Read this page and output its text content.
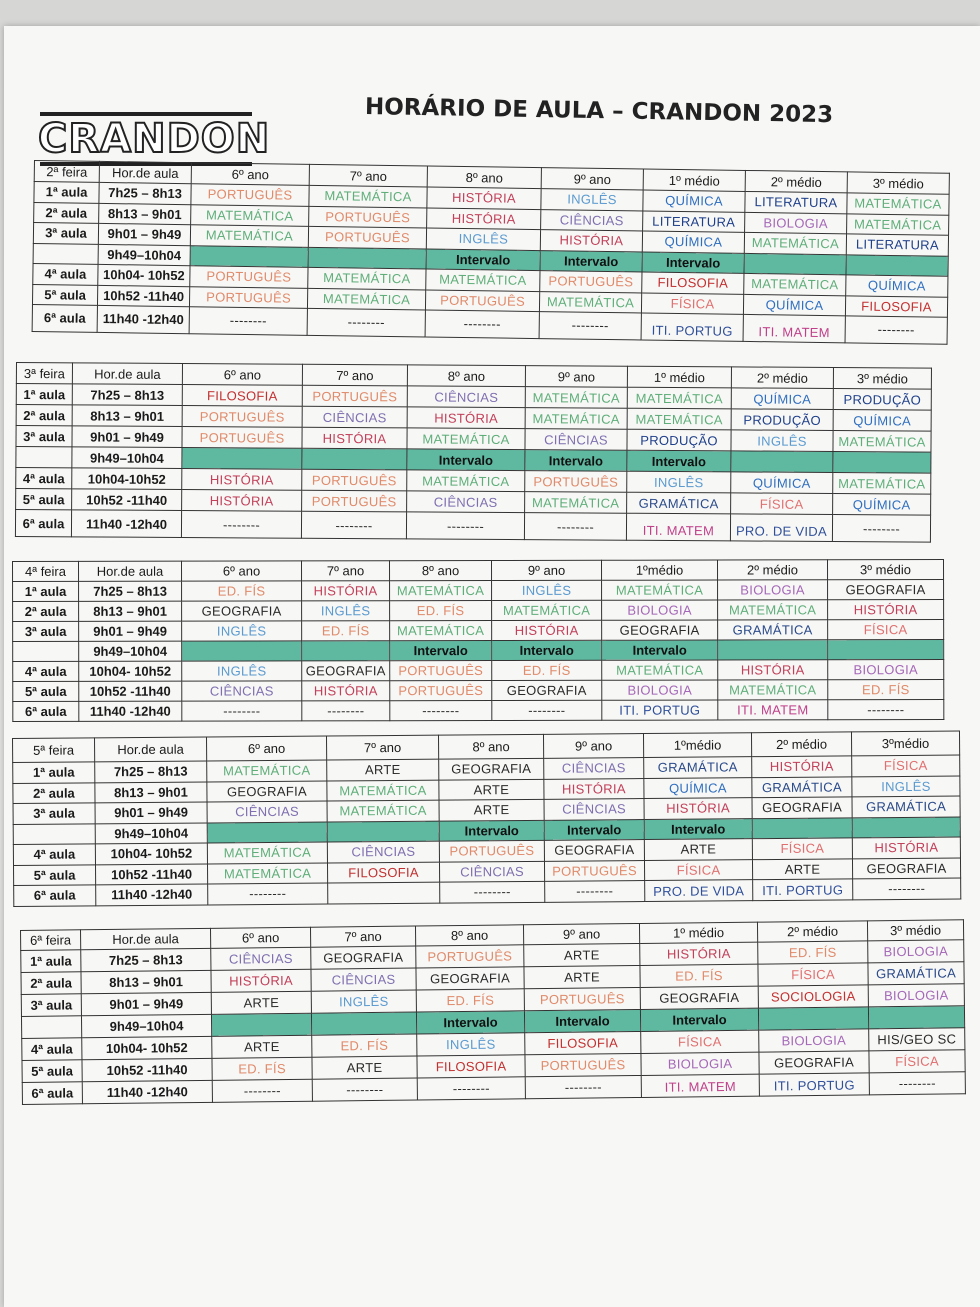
CRANDON
HORÁRIO DE AULA – CRANDON 2023
2ª feira	Hor.de aula	6º ano	7º ano	8º ano	9º ano	1º médio	2º médio	3º médio
1ª aula	7h25 – 8h13	PORTUGUÊS	MATEMÁTICA	HISTÓRIA	INGLÊS	QUÍMICA	LITERATURA	MATEMÁTICA
2ª aula	8h13 – 9h01	MATEMÁTICA	PORTUGUÊS	HISTÓRIA	CIÊNCIAS	LITERATURA	BIOLOGIA	MATEMÁTICA
3ª aula	9h01 – 9h49	MATEMÁTICA	PORTUGUÊS	INGLÊS	HISTÓRIA	QUÍMICA	MATEMÁTICA	LITERATURA
	9h49–10h04			Intervalo	Intervalo	Intervalo		
4ª aula	10h04- 10h52	PORTUGUÊS	MATEMÁTICA	MATEMÁTICA	PORTUGUÊS	FILOSOFIA	MATEMÁTICA	QUÍMICA
5ª aula	10h52 -11h40	PORTUGUÊS	MATEMÁTICA	PORTUGUÊS	MATEMÁTICA	FÍSICA	QUÍMICA	FILOSOFIA
6ª aula	11h40 -12h40	--------	--------	--------	--------	ITI. PORTUG	ITI. MATEM	--------
3ª feira	Hor.de aula	6º ano	7º ano	8º ano	9º ano	1º médio	2º médio	3º médio
1ª aula	7h25 – 8h13	FILOSOFIA	PORTUGUÊS	CIÊNCIAS	MATEMÁTICA	MATEMÁTICA	QUÍMICA	PRODUÇÃO
2ª aula	8h13 – 9h01	PORTUGUÊS	CIÊNCIAS	HISTÓRIA	MATEMÁTICA	MATEMÁTICA	PRODUÇÃO	QUÍMICA
3ª aula	9h01 – 9h49	PORTUGUÊS	HISTÓRIA	MATEMÁTICA	CIÊNCIAS	PRODUÇÃO	INGLÊS	MATEMÁTICA
	9h49–10h04			Intervalo	Intervalo	Intervalo		
4ª aula	10h04-10h52	HISTÓRIA	PORTUGUÊS	MATEMÁTICA	PORTUGUÊS	INGLÊS	QUÍMICA	MATEMÁTICA
5ª aula	10h52 -11h40	HISTÓRIA	PORTUGUÊS	CIÊNCIAS	MATEMÁTICA	GRAMÁTICA	FÍSICA	QUÍMICA
6ª aula	11h40 -12h40	--------	--------	--------	--------	ITI. MATEM	PRO. DE VIDA	--------
4ª feira	Hor.de aula	6º ano	7º ano	8º ano	9º ano	1ºmédio	2º médio	3º médio
1ª aula	7h25 – 8h13	ED. FÍS	HISTÓRIA	MATEMÁTICA	INGLÊS	MATEMÁTICA	BIOLOGIA	GEOGRAFIA
2ª aula	8h13 – 9h01	GEOGRAFIA	INGLÊS	ED. FÍS	MATEMÁTICA	BIOLOGIA	MATEMÁTICA	HISTÓRIA
3ª aula	9h01 – 9h49	INGLÊS	ED. FÍS	MATEMÁTICA	HISTÓRIA	GEOGRAFIA	GRAMÁTICA	FÍSICA
	9h49–10h04			Intervalo	Intervalo	Intervalo		
4ª aula	10h04- 10h52	INGLÊS	GEOGRAFIA	PORTUGUÊS	ED. FÍS	MATEMÁTICA	HISTÓRIA	BIOLOGIA
5ª aula	10h52 -11h40	CIÊNCIAS	HISTÓRIA	PORTUGUÊS	GEOGRAFIA	BIOLOGIA	MATEMÁTICA	ED. FÍS
6ª aula	11h40 -12h40	--------	--------	--------	--------	ITI. PORTUG	ITI. MATEM	--------
5ª feira	Hor.de aula	6º ano	7º ano	8º ano	9º ano	1ºmédio	2º médio	3ºmédio
1ª aula	7h25 – 8h13	MATEMÁTICA	ARTE	GEOGRAFIA	CIÊNCIAS	GRAMÁTICA	HISTÓRIA	FÍSICA
2ª aula	8h13 – 9h01	GEOGRAFIA	MATEMÁTICA	ARTE	HISTÓRIA	QUÍMICA	GRAMÁTICA	INGLÊS
3ª aula	9h01 – 9h49	CIÊNCIAS	MATEMÁTICA	ARTE	CIÊNCIAS	HISTÓRIA	GEOGRAFIA	GRAMÁTICA
	9h49–10h04			Intervalo	Intervalo	Intervalo		
4ª aula	10h04- 10h52	MATEMÁTICA	CIÊNCIAS	PORTUGUÊS	GEOGRAFIA	ARTE	FÍSICA	HISTÓRIA
5ª aula	10h52 -11h40	MATEMÁTICA	FILOSOFIA	CIÊNCIAS	PORTUGUÊS	FÍSICA	ARTE	GEOGRAFIA
6ª aula	11h40 -12h40	--------		--------	--------	PRO. DE VIDA	ITI. PORTUG	--------
6ª feira	Hor.de aula	6º ano	7º ano	8º ano	9º ano	1º médio	2º médio	3º médio
1ª aula	7h25 – 8h13	CIÊNCIAS	GEOGRAFIA	PORTUGUÊS	ARTE	HISTÓRIA	ED. FÍS	BIOLOGIA
2ª aula	8h13 – 9h01	HISTÓRIA	CIÊNCIAS	GEOGRAFIA	ARTE	ED. FÍS	FÍSICA	GRAMÁTICA
3ª aula	9h01 – 9h49	ARTE	INGLÊS	ED. FÍS	PORTUGUÊS	GEOGRAFIA	SOCIOLOGIA	BIOLOGIA
	9h49–10h04			Intervalo	Intervalo	Intervalo		
4ª aula	10h04- 10h52	ARTE	ED. FÍS	INGLÊS	FILOSOFIA	FÍSICA	BIOLOGIA	HIS/GEO SC
5ª aula	10h52 -11h40	ED. FÍS	ARTE	FILOSOFIA	PORTUGUÊS	BIOLOGIA	GEOGRAFIA	FÍSICA
6ª aula	11h40 -12h40	--------	--------	--------	--------	ITI. MATEM	ITI. PORTUG	--------
